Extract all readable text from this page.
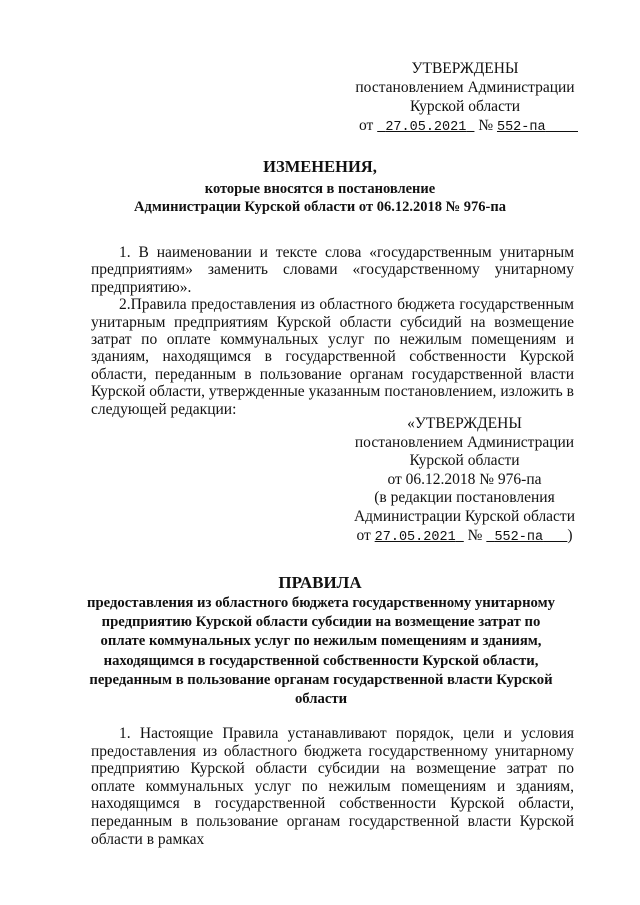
УТВЕРЖДЕНЫ
постановлением Администрации
Курской области
от 27.05.2021 № 552-па
ИЗМЕНЕНИЯ,
которые вносятся в постановление
Администрации Курской области от 06.12.2018 № 976-па

1. В наименовании и тексте слова «государственным унитарным предприятиям» заменить словами «государственному унитарному предприятию».

2.Правила предоставления из областного бюджета государственным унитарным предприятиям Курской области субсидий на возмещение затрат по оплате коммунальных услуг по нежилым помещениям и зданиям, находящимся в государственной собственности Курской области, переданным в пользование органам государственной власти Курской области, утвержденные указанным постановлением, изложить в следующей редакции:

«УТВЕРЖДЕНЫ
постановлением Администрации
Курской области
от 06.12.2018 № 976-па
(в редакции постановления
Администрации Курской области
от 27.05.2021 № 552-па )
ПРАВИЛА
предоставления из областного бюджета государственному унитарному предприятию Курской области субсидии на возмещение затрат по оплате коммунальных услуг по нежилым помещениям и зданиям, находящимся в государственной собственности Курской области, переданным в пользование органам государственной власти Курской области

1. Настоящие Правила устанавливают порядок, цели и условия предоставления из областного бюджета государственному унитарному предприятию Курской области субсидии на возмещение затрат по оплате коммунальных услуг по нежилым помещениям и зданиям, находящимся в государственной собственности Курской области, переданным в пользование органам государственной власти Курской области в рамках
